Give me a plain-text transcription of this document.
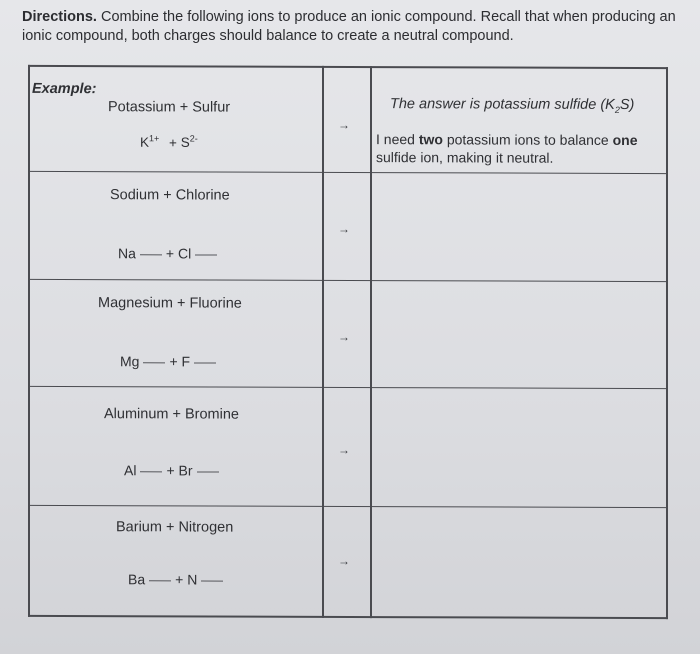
Directions. Combine the following ions to produce an ionic compound. Recall that when producing an ionic compound, both charges should balance to create a neutral compound.
Example:
Potassium + Sulfur
$K^{1+} + S^{2-}$
→
The answer is potassium sulfide $(K_2S)$
I need two potassium ions to balance one sulfide ion, making it neutral.
Sodium + Chlorine
Na + Cl
→
Magnesium + Fluorine
Mg + F
→
Aluminum + Bromine
Al + Br
→
Barium + Nitrogen
Ba + N
→
